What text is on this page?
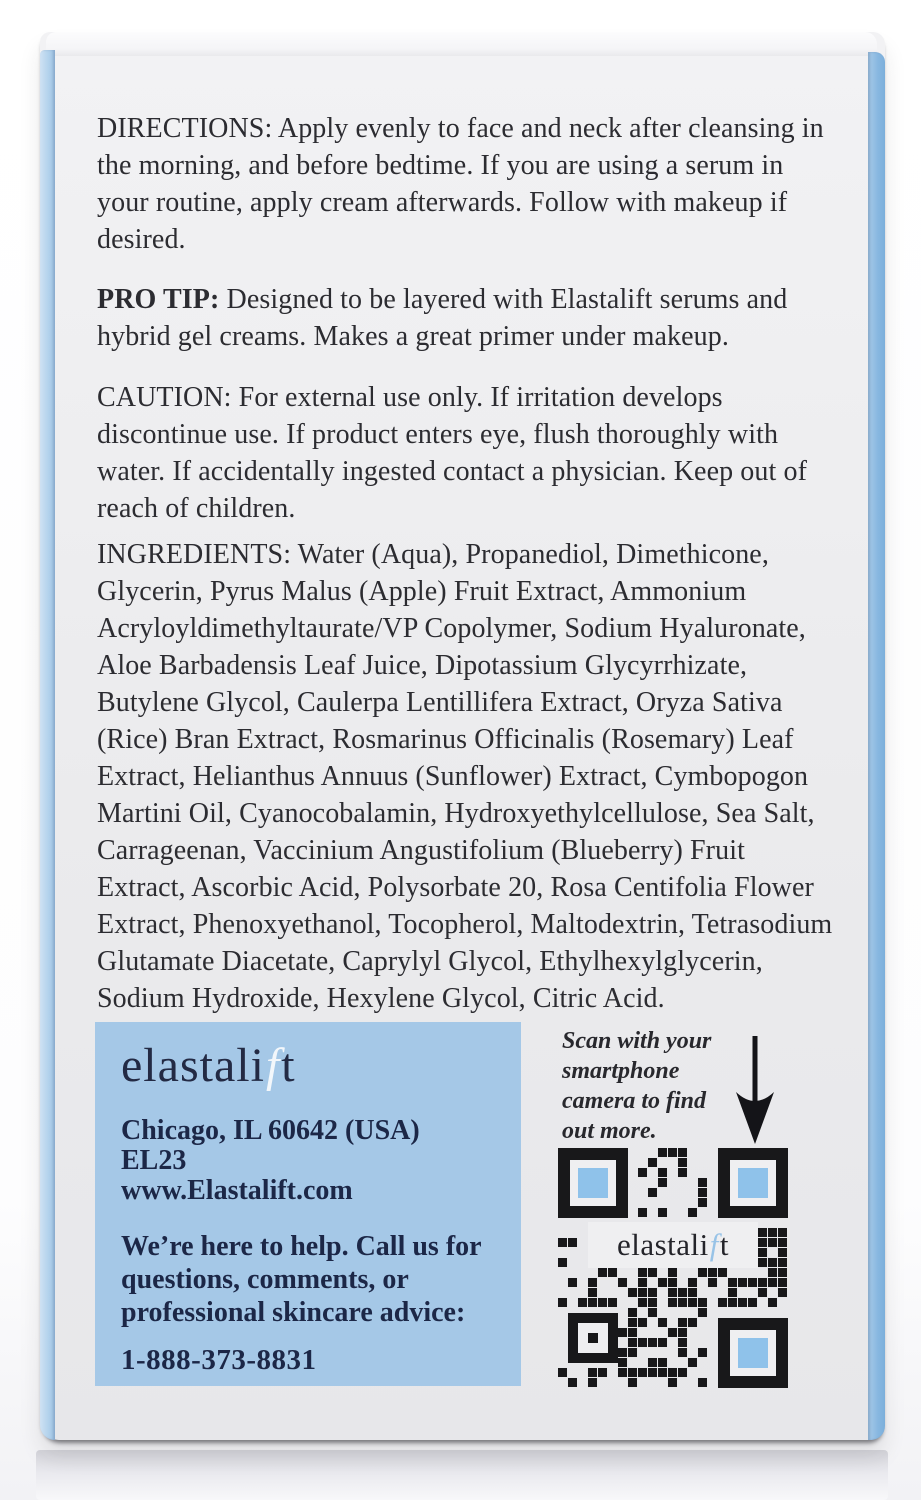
DIRECTIONS: Apply evenly to face and neck after cleansing in the morning, and before bedtime. If you are using a serum in your routine, apply cream afterwards. Follow with makeup if desired.

PRO TIP: Designed to be layered with Elastalift serums and hybrid gel creams. Makes a great primer under makeup.

CAUTION: For external use only. If irritation develops discontinue use. If product enters eye, flush thoroughly with water. If accidentally ingested contact a physician. Keep out of reach of children.

INGREDIENTS: Water (Aqua), Propanediol, Dimethicone, Glycerin, Pyrus Malus (Apple) Fruit Extract, Ammonium Acryloyldimethyltaurate/VP Copolymer, Sodium Hyaluronate, Aloe Barbadensis Leaf Juice, Dipotassium Glycyrrhizate, Butylene Glycol, Caulerpa Lentillifera Extract, Oryza Sativa (Rice) Bran Extract, Rosmarinus Officinalis (Rosemary) Leaf Extract, Helianthus Annuus (Sunflower) Extract, Cymbopogon Martini Oil, Cyanocobalamin, Hydroxyethylcellulose, Sea Salt, Carrageenan, Vaccinium Angustifolium (Blueberry) Fruit Extract, Ascorbic Acid, Polysorbate 20, Rosa Centifolia Flower Extract, Phenoxyethanol, Tocopherol, Maltodextrin, Tetrasodium Glutamate Diacetate, Caprylyl Glycol, Ethylhexylglycerin, Sodium Hydroxide, Hexylene Glycol, Citric Acid.

elastalift
Chicago, IL 60642 (USA)
EL23
www.Elastalift.com

We’re here to help. Call us for questions, comments, or professional skincare advice:

1-888-373-8831

Scan with your smartphone camera to find out more.

elastali f t
